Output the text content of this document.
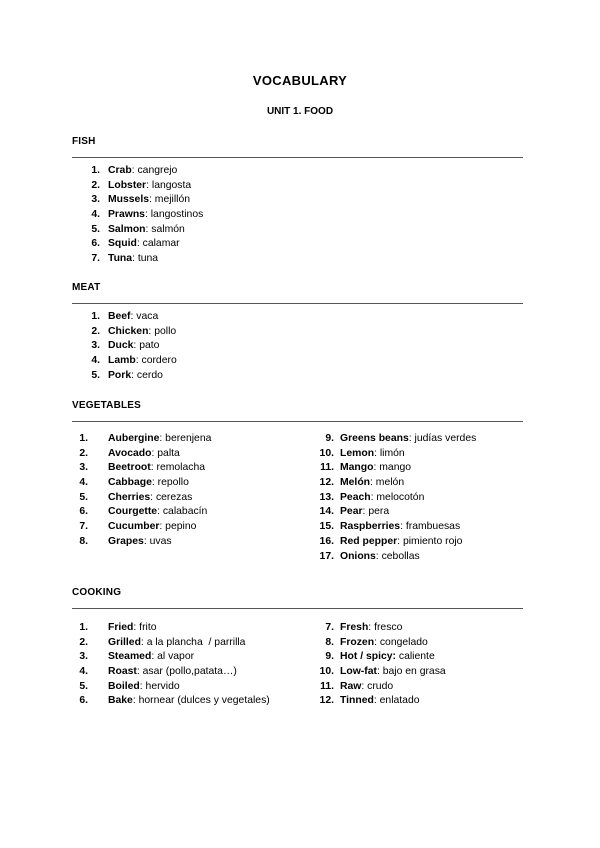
VOCABULARY
UNIT 1. FOOD
FISH
1. Crab: cangrejo
2. Lobster: langosta
3. Mussels: mejillón
4. Prawns: langostinos
5. Salmon: salmón
6. Squid: calamar
7. Tuna: tuna
MEAT
1. Beef: vaca
2. Chicken: pollo
3. Duck: pato
4. Lamb: cordero
5. Pork: cerdo
VEGETABLES
1. Aubergine: berenjena
2. Avocado: palta
3. Beetroot: remolacha
4. Cabbage: repollo
5. Cherries: cerezas
6. Courgette: calabacín
7. Cucumber: pepino
8. Grapes: uvas
9. Greens beans: judías verdes
10. Lemon: limón
11. Mango: mango
12. Melón: melón
13. Peach: melocotón
14. Pear: pera
15. Raspberries: frambuesas
16. Red pepper: pimiento rojo
17. Onions: cebollas
COOKING
1. Fried: frito
2. Grilled: a la plancha  / parrilla
3. Steamed: al vapor
4. Roast: asar (pollo,patata…)
5. Boiled: hervido
6. Bake: hornear (dulces y vegetales)
7. Fresh: fresco
8. Frozen: congelado
9. Hot / spicy: caliente
10. Low-fat: bajo en grasa
11. Raw: crudo
12. Tinned: enlatado
